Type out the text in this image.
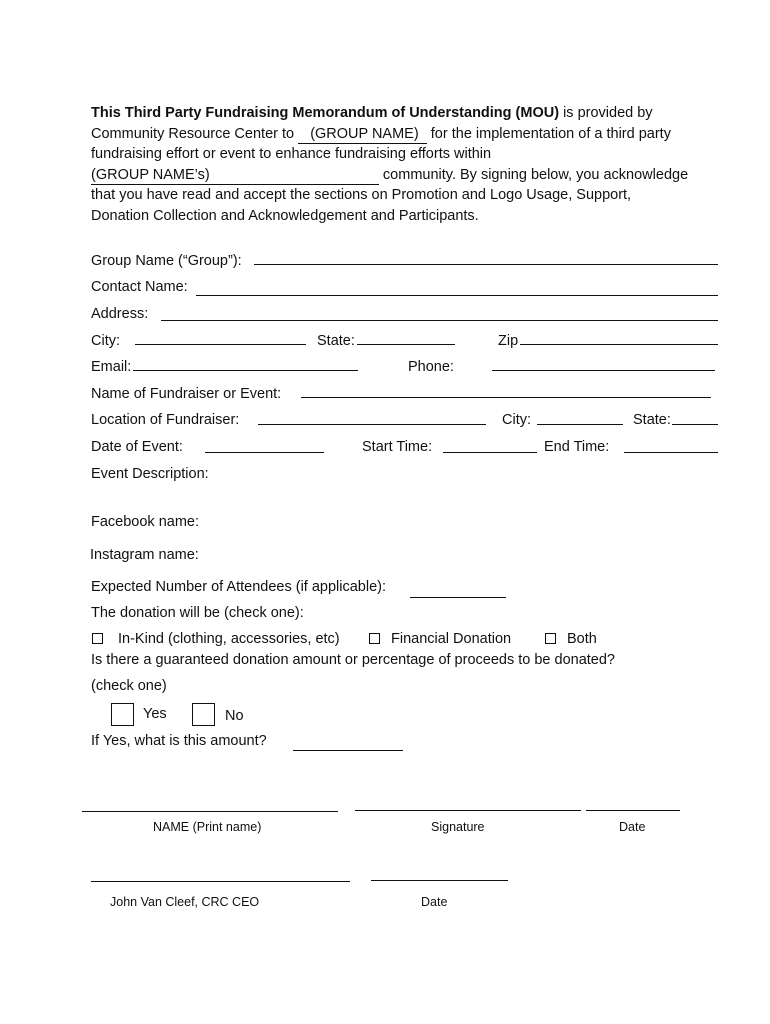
This Third Party Fundraising Memorandum of Understanding (MOU) is provided by Community Resource Center to    (GROUP NAME)   for the implementation of a third party fundraising effort or event to enhance fundraising efforts within (GROUP NAME’s)                                           community. By signing below, you acknowledge that you have read and accept the sections on Promotion and Logo Usage, Support, Donation Collection and Acknowledgement and Participants.
Group Name (“Group”):
Contact Name:
Address:
City:	State:	Zip
Email:	Phone:
Name of Fundraiser or Event:
Location of Fundraiser:	City:	State:
Date of Event:	Start Time:	End Time:
Event Description:
Facebook name:
Instagram name:
Expected Number of Attendees (if applicable):
The donation will be (check one):
In-Kind (clothing, accessories, etc)	Financial Donation	Both
Is there a guaranteed donation amount or percentage of proceeds to be donated?
(check one)
Yes	No
If Yes, what is this amount?
NAME (Print name)	Signature	Date
John Van Cleef, CRC CEO	Date
